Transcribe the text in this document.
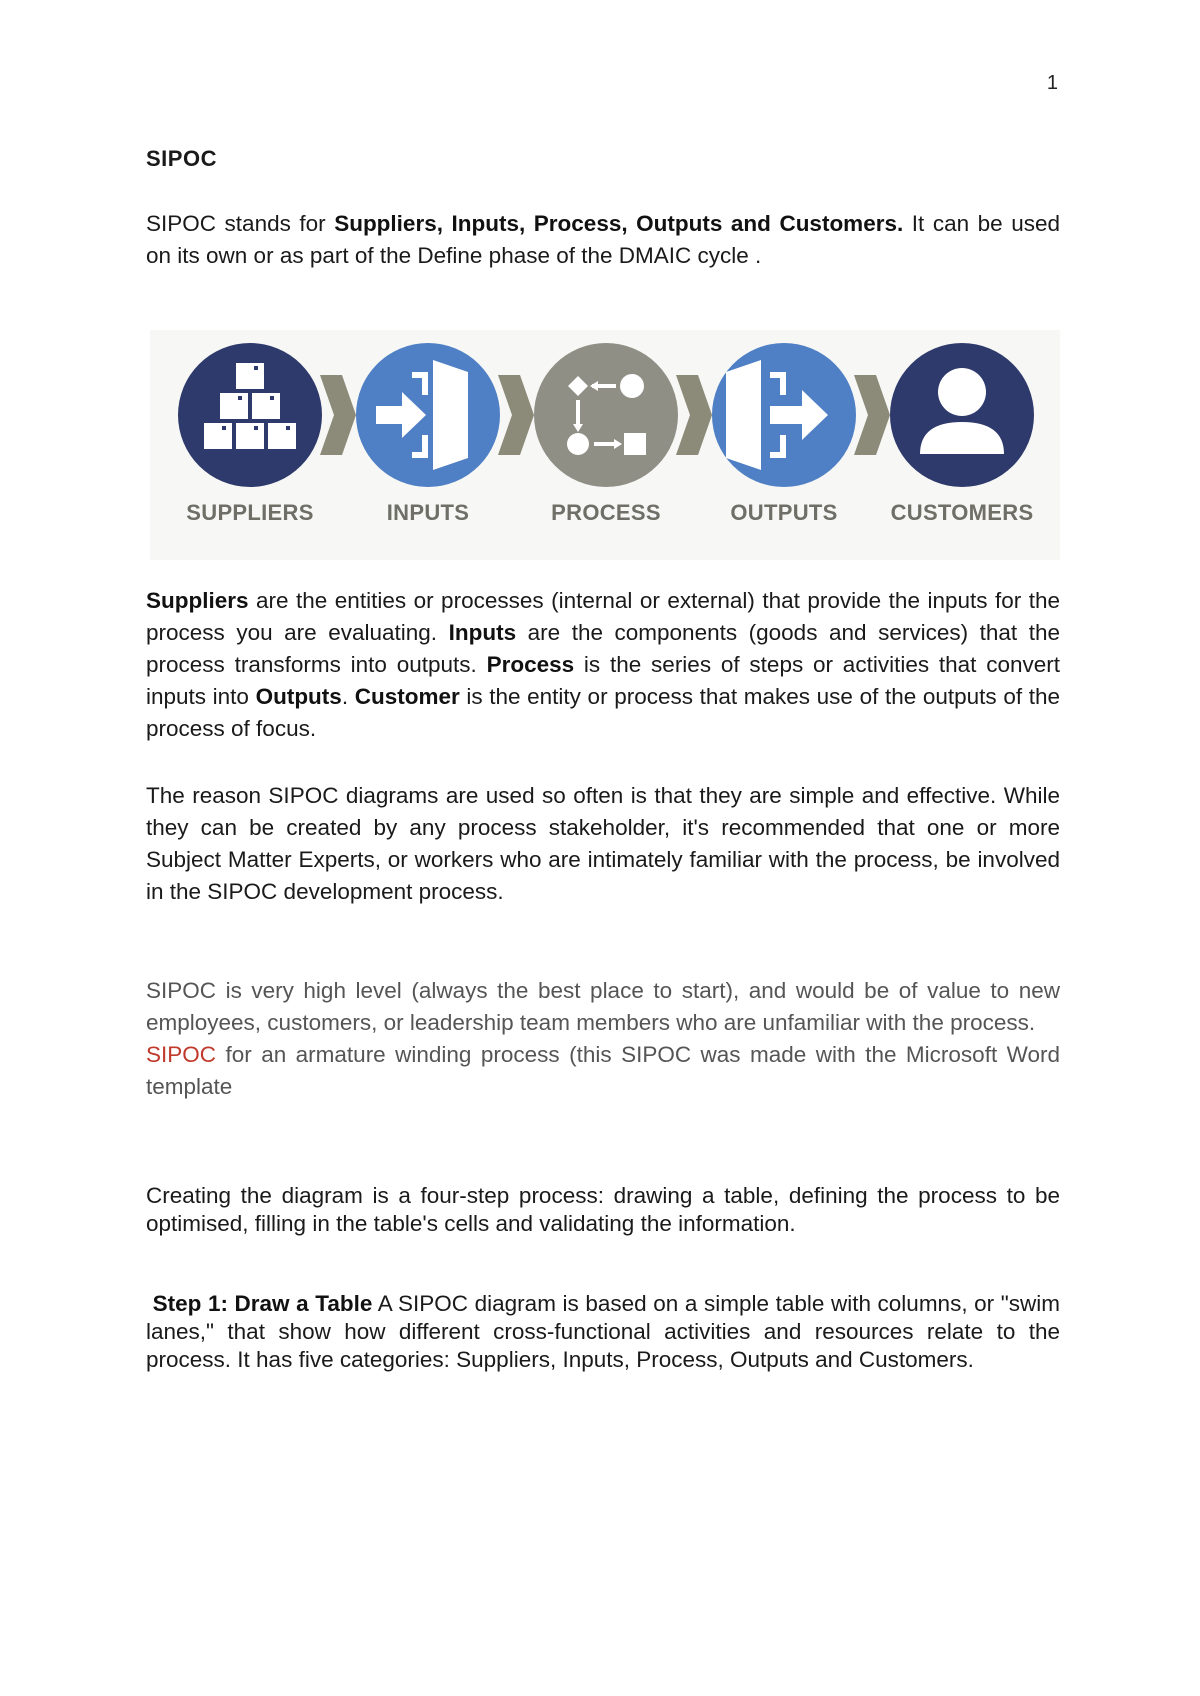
1
SIPOC
SIPOC stands for Suppliers, Inputs, Process, Outputs and Customers. It can be used on its own or as part of the Define phase of the DMAIC cycle .
SUPPLIERS	INPUTS	PROCESS	OUTPUTS	CUSTOMERS
Suppliers are the entities or processes (internal or external) that provide the inputs for the process you are evaluating. Inputs are the components (goods and services) that the process transforms into outputs. Process is the series of steps or activities that convert inputs into Outputs. Customer is the entity or process that makes use of the outputs of the process of focus.
The reason SIPOC diagrams are used so often is that they are simple and effective. While they can be created by any process stakeholder, it's recommended that one or more Subject Matter Experts, or workers who are intimately familiar with the process, be involved in the SIPOC development process.
SIPOC is very high level (always the best place to start), and would be of value to new employees, customers, or leadership team members who are unfamiliar with the process.
SIPOC for an armature winding process (this SIPOC was made with the Microsoft Word template
Creating the diagram is a four-step process: drawing a table, defining the process to be optimised, filling in the table's cells and validating the information.
Step 1: Draw a Table A SIPOC diagram is based on a simple table with columns, or "swim lanes," that show how different cross-functional activities and resources relate to the process. It has five categories: Suppliers, Inputs, Process, Outputs and Customers.
